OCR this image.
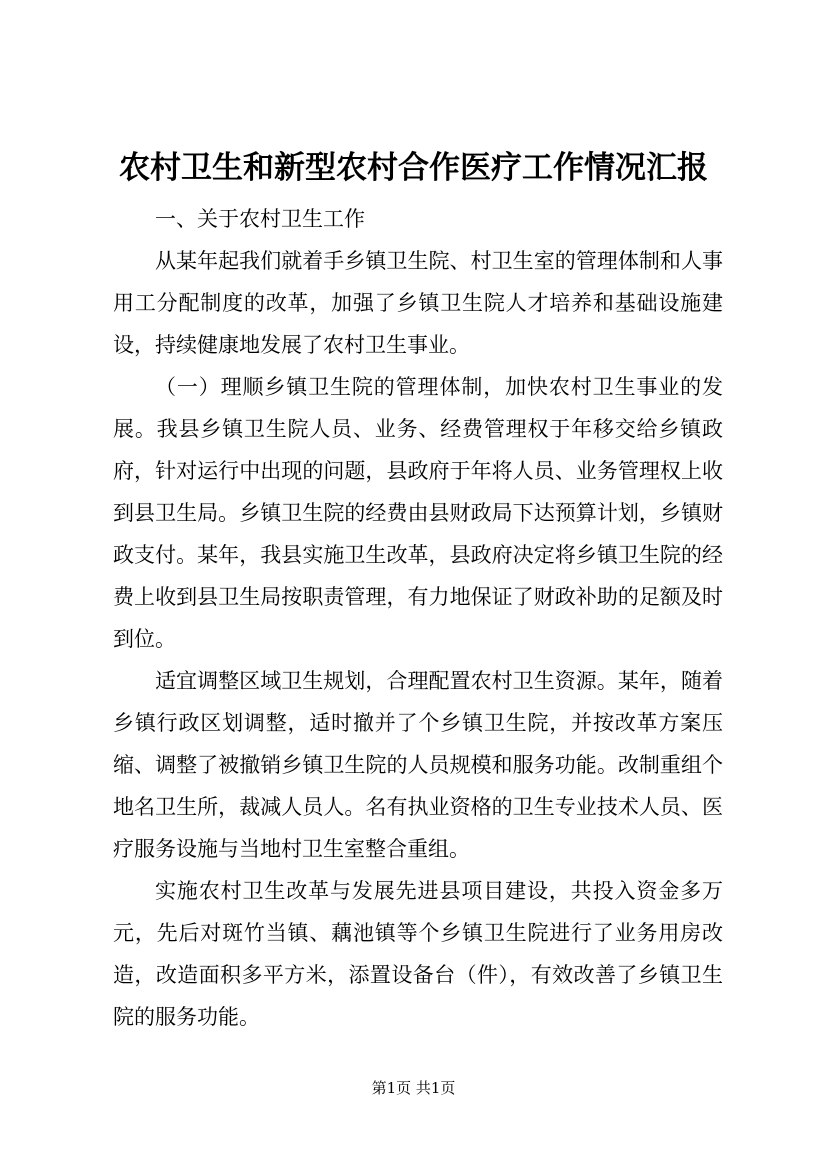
农村卫生和新型农村合作医疗工作情况汇报

一、关于农村卫生工作

从某年起我们就着手乡镇卫生院、村卫生室的管理体制和人事用工分配制度的改革，加强了乡镇卫生院人才培养和基础设施建设，持续健康地发展了农村卫生事业。

（一）理顺乡镇卫生院的管理体制，加快农村卫生事业的发展。我县乡镇卫生院人员、业务、经费管理权于年移交给乡镇政府，针对运行中出现的问题，县政府于年将人员、业务管理权上收到县卫生局。乡镇卫生院的经费由县财政局下达预算计划，乡镇财政支付。某年，我县实施卫生改革，县政府决定将乡镇卫生院的经费上收到县卫生局按职责管理，有力地保证了财政补助的足额及时到位。

适宜调整区域卫生规划，合理配置农村卫生资源。某年，随着乡镇行政区划调整，适时撤并了个乡镇卫生院，并按改革方案压缩、调整了被撤销乡镇卫生院的人员规模和服务功能。改制重组个地名卫生所，裁减人员人。名有执业资格的卫生专业技术人员、医疗服务设施与当地村卫生室整合重组。

实施农村卫生改革与发展先进县项目建设，共投入资金多万元，先后对斑竹当镇、藕池镇等个乡镇卫生院进行了业务用房改造，改造面积多平方米，添置设备台（件），有效改善了乡镇卫生院的服务功能。

第1页 共1页
